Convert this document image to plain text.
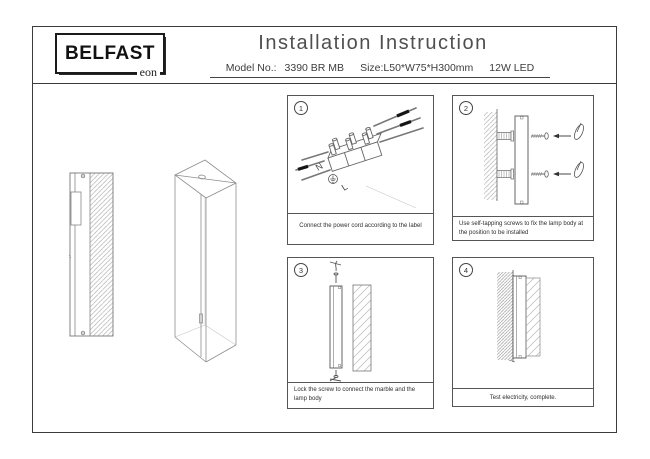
BELFAST
eon
Installation Instruction
Model No.: 3390 BR MB Size:L50*W75*H300mm 12W LED
1
N
L
Connect the power cord according to the label
2
Use self-tapping screws to fix the lamp body at the position to be installed
3
Lock the screw to connect the marble and the lamp body
4
Test electricity, complete.
